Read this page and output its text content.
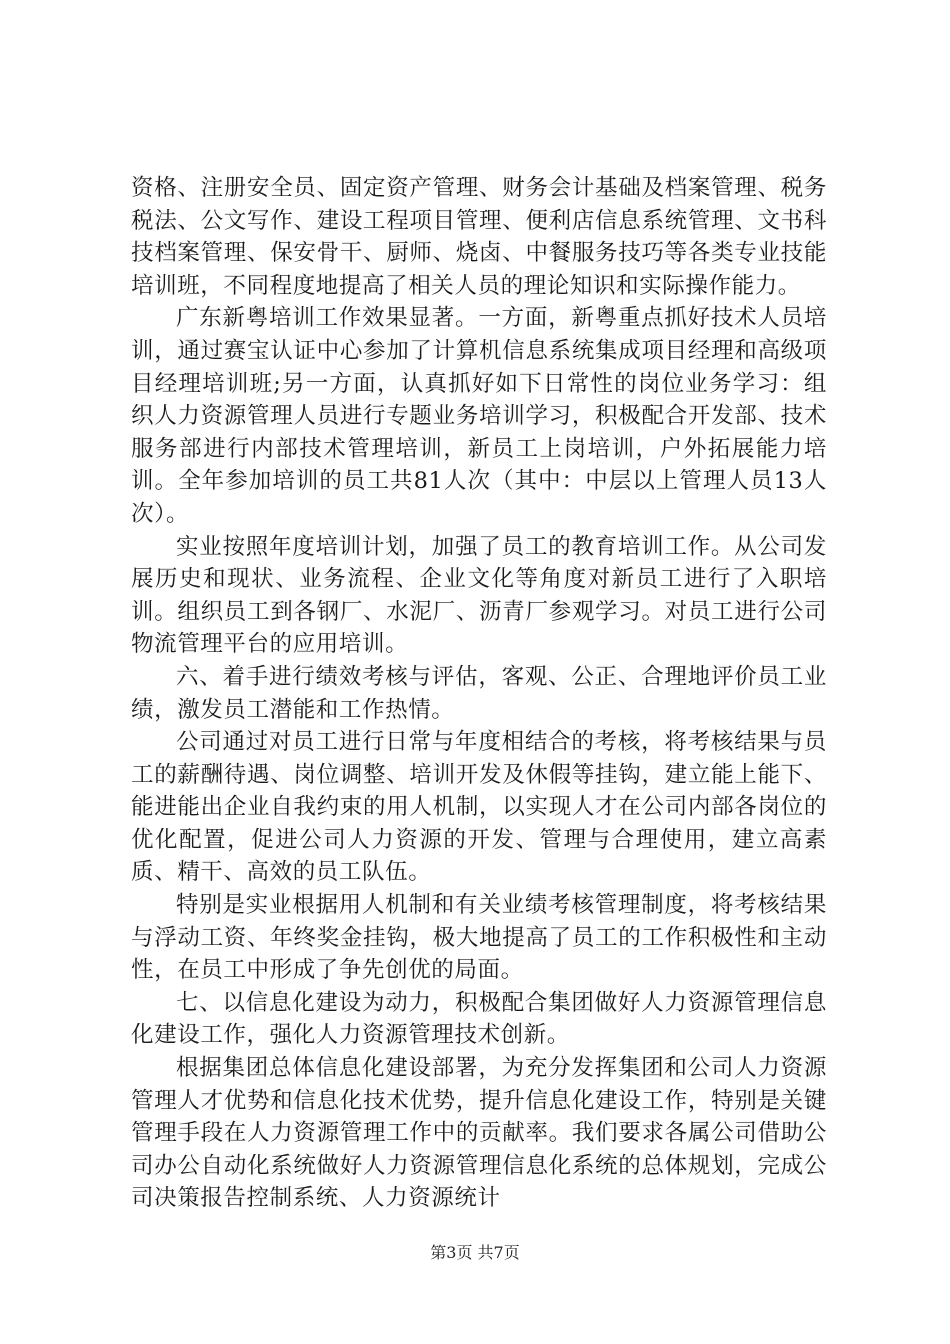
资格、注册安全员、固定资产管理、财务会计基础及档案管理、税务税法、公文写作、建设工程项目管理、便利店信息系统管理、文书科技档案管理、保安骨干、厨师、烧卤、中餐服务技巧等各类专业技能培训班，不同程度地提高了相关人员的理论知识和实际操作能力。

广东新粤培训工作效果显著。一方面，新粤重点抓好技术人员培训，通过赛宝认证中心参加了计算机信息系统集成项目经理和高级项目经理培训班;另一方面，认真抓好如下日常性的岗位业务学习：组织人力资源管理人员进行专题业务培训学习，积极配合开发部、技术服务部进行内部技术管理培训，新员工上岗培训，户外拓展能力培训。全年参加培训的员工共81人次（其中：中层以上管理人员13人次）。

实业按照年度培训计划，加强了员工的教育培训工作。从公司发展历史和现状、业务流程、企业文化等角度对新员工进行了入职培训。组织员工到各钢厂、水泥厂、沥青厂参观学习。对员工进行公司物流管理平台的应用培训。

六、着手进行绩效考核与评估，客观、公正、合理地评价员工业绩，激发员工潜能和工作热情。

公司通过对员工进行日常与年度相结合的考核，将考核结果与员工的薪酬待遇、岗位调整、培训开发及休假等挂钩，建立能上能下、能进能出企业自我约束的用人机制，以实现人才在公司内部各岗位的优化配置，促进公司人力资源的开发、管理与合理使用，建立高素质、精干、高效的员工队伍。

特别是实业根据用人机制和有关业绩考核管理制度，将考核结果与浮动工资、年终奖金挂钩，极大地提高了员工的工作积极性和主动性，在员工中形成了争先创优的局面。

七、以信息化建设为动力，积极配合集团做好人力资源管理信息化建设工作，强化人力资源管理技术创新。

根据集团总体信息化建设部署，为充分发挥集团和公司人力资源管理人才优势和信息化技术优势，提升信息化建设工作，特别是关键管理手段在人力资源管理工作中的贡献率。我们要求各属公司借助公司办公自动化系统做好人力资源管理信息化系统的总体规划，完成公司决策报告控制系统、人力资源统计

第3页 共7页
